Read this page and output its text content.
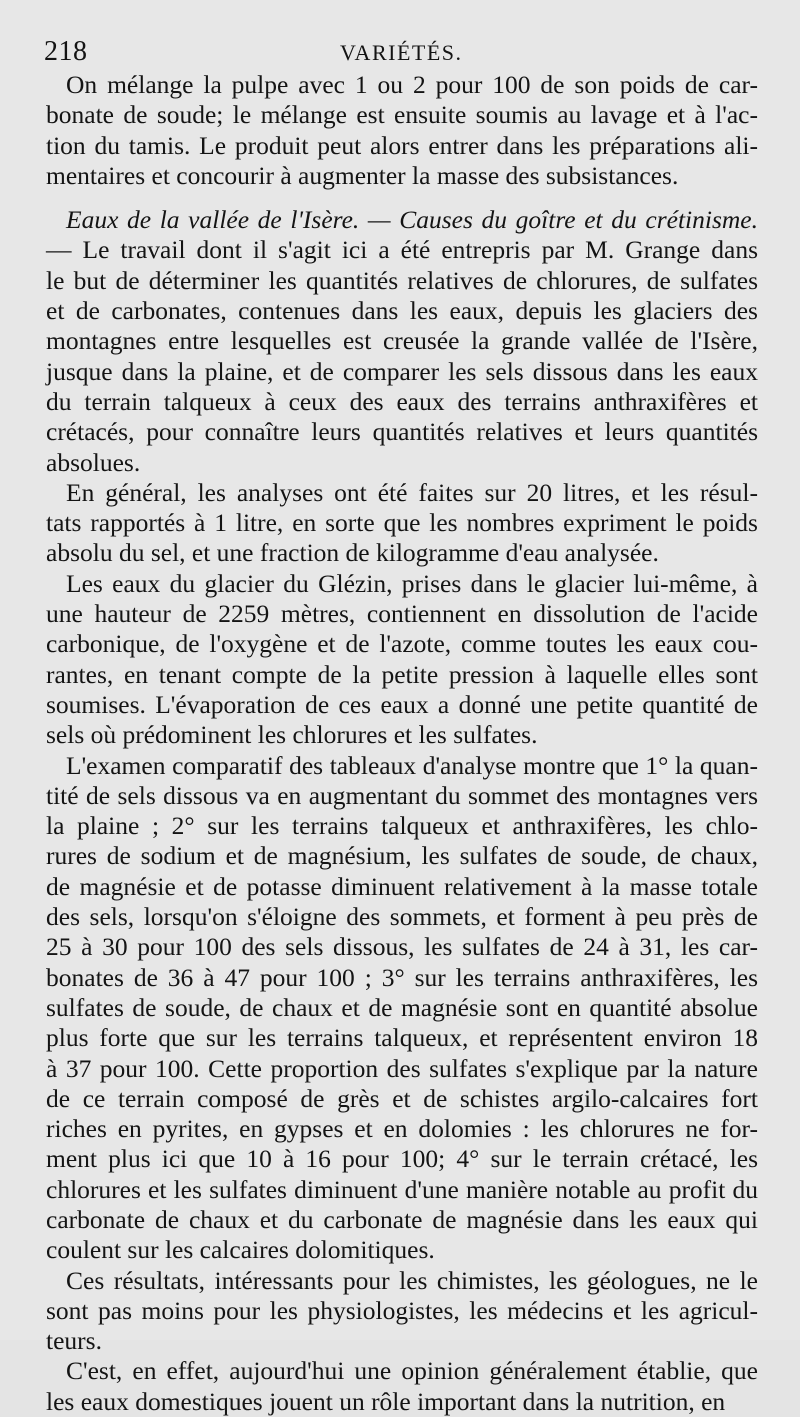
218	VARIÉTÉS.
On mélange la pulpe avec 1 ou 2 pour 100 de son poids de car-
bonate de soude; le mélange est ensuite soumis au lavage et à l'ac-
tion du tamis. Le produit peut alors entrer dans les préparations ali-
mentaires et concourir à augmenter la masse des subsistances.
Eaux de la vallée de l'Isère. — Causes du goître et du crétinisme.
— Le travail dont il s'agit ici a été entrepris par M. Grange dans
le but de déterminer les quantités relatives de chlorures, de sulfates
et de carbonates, contenues dans les eaux, depuis les glaciers des
montagnes entre lesquelles est creusée la grande vallée de l'Isère,
jusque dans la plaine, et de comparer les sels dissous dans les eaux
du terrain talqueux à ceux des eaux des terrains anthraxifères et
crétacés, pour connaître leurs quantités relatives et leurs quantités
absolues.
En général, les analyses ont été faites sur 20 litres, et les résul-
tats rapportés à 1 litre, en sorte que les nombres expriment le poids
absolu du sel, et une fraction de kilogramme d'eau analysée.
Les eaux du glacier du Glézin, prises dans le glacier lui-même, à
une hauteur de 2259 mètres, contiennent en dissolution de l'acide
carbonique, de l'oxygène et de l'azote, comme toutes les eaux cou-
rantes, en tenant compte de la petite pression à laquelle elles sont
soumises. L'évaporation de ces eaux a donné une petite quantité de
sels où prédominent les chlorures et les sulfates.
L'examen comparatif des tableaux d'analyse montre que 1° la quan-
tité de sels dissous va en augmentant du sommet des montagnes vers
la plaine ; 2° sur les terrains talqueux et anthraxifères, les chlo-
rures de sodium et de magnésium, les sulfates de soude, de chaux,
de magnésie et de potasse diminuent relativement à la masse totale
des sels, lorsqu'on s'éloigne des sommets, et forment à peu près de
25 à 30 pour 100 des sels dissous, les sulfates de 24 à 31, les car-
bonates de 36 à 47 pour 100 ; 3° sur les terrains anthraxifères, les
sulfates de soude, de chaux et de magnésie sont en quantité absolue
plus forte que sur les terrains talqueux, et représentent environ 18
à 37 pour 100. Cette proportion des sulfates s'explique par la nature
de ce terrain composé de grès et de schistes argilo-calcaires fort
riches en pyrites, en gypses et en dolomies : les chlorures ne for-
ment plus ici que 10 à 16 pour 100; 4° sur le terrain crétacé, les
chlorures et les sulfates diminuent d'une manière notable au profit du
carbonate de chaux et du carbonate de magnésie dans les eaux qui
coulent sur les calcaires dolomitiques.
Ces résultats, intéressants pour les chimistes, les géologues, ne le
sont pas moins pour les physiologistes, les médecins et les agricul-
teurs.
C'est, en effet, aujourd'hui une opinion généralement établie, que
les eaux domestiques jouent un rôle important dans la nutrition, en
